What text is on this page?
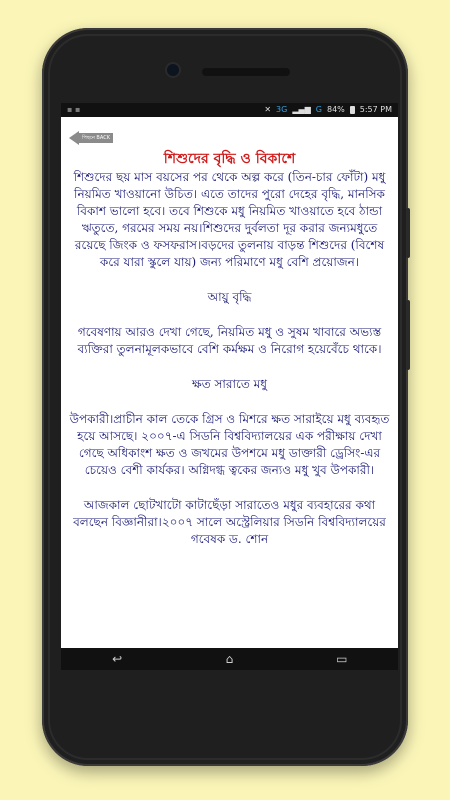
▪ ▪	✕ 3G ▂▄▆ G 84% 5:57 PM
পিছনে BACK
শিশুদের বৃদ্ধি ও বিকাশে
শিশুদের ছয় মাস বয়সের পর থেকে অল্প করে (তিন-চার ফোঁটা) মধু নিয়মিত খাওয়ানো উচিত। এতে তাদের পুরো দেহের বৃদ্ধি, মানসিক বিকাশ ভালো হবে। তবে শিশুকে মধু নিয়মিত খাওয়াতে হবে ঠান্ডা ঋতুতে, গরমের সময় নয়।শিশুদের দুর্বলতা দূর করার জন্যমধুতে রয়েছে জিংক ও ফসফরাস।বড়দের তুলনায় বাড়ন্ত শিশুদের (বিশেষ করে যারা স্কুলে যায়) জন্য পরিমাণে মধু বেশি প্রয়োজন।
আয়ু বৃদ্ধি
গবেষণায় আরও দেখা গেছে, নিয়মিত মধু ও সুষম খাবারে অভ্যস্ত ব্যক্তিরা তুলনামূলকভাবে বেশি কর্মক্ষম ও নিরোগ হয়েবেঁচে থাকে।
ক্ষত সারাতে মধু
উপকারী।প্রাচীন কাল তেকে গ্রিস ও মিশরে ক্ষত সারাইয়ে মধু ব্যবহৃত হয়ে আসছে। ২০০৭-এ সিডনি বিশ্ববিদ্যালয়ের এক পরীক্ষায় দেখা গেছে অধিকাংশ ক্ষত ও জখমের উপশমে মধু ডাক্তারী ড্রেসিং-এর চেয়েও বেশী কার্যকর। অগ্নিদগ্ধ ত্বকের জন্যও মধু খুব উপকারী।
আজকাল ছোটখাটো কাটাছেঁড়া সারাতেও মধুর ব্যবহারের কথা বলছেন বিজ্ঞানীরা।২০০৭ সালে অস্ট্রেলিয়ার সিডনি বিশ্ববিদ্যালয়ের গবেষক ড. শোন
↩	⌂	▭
